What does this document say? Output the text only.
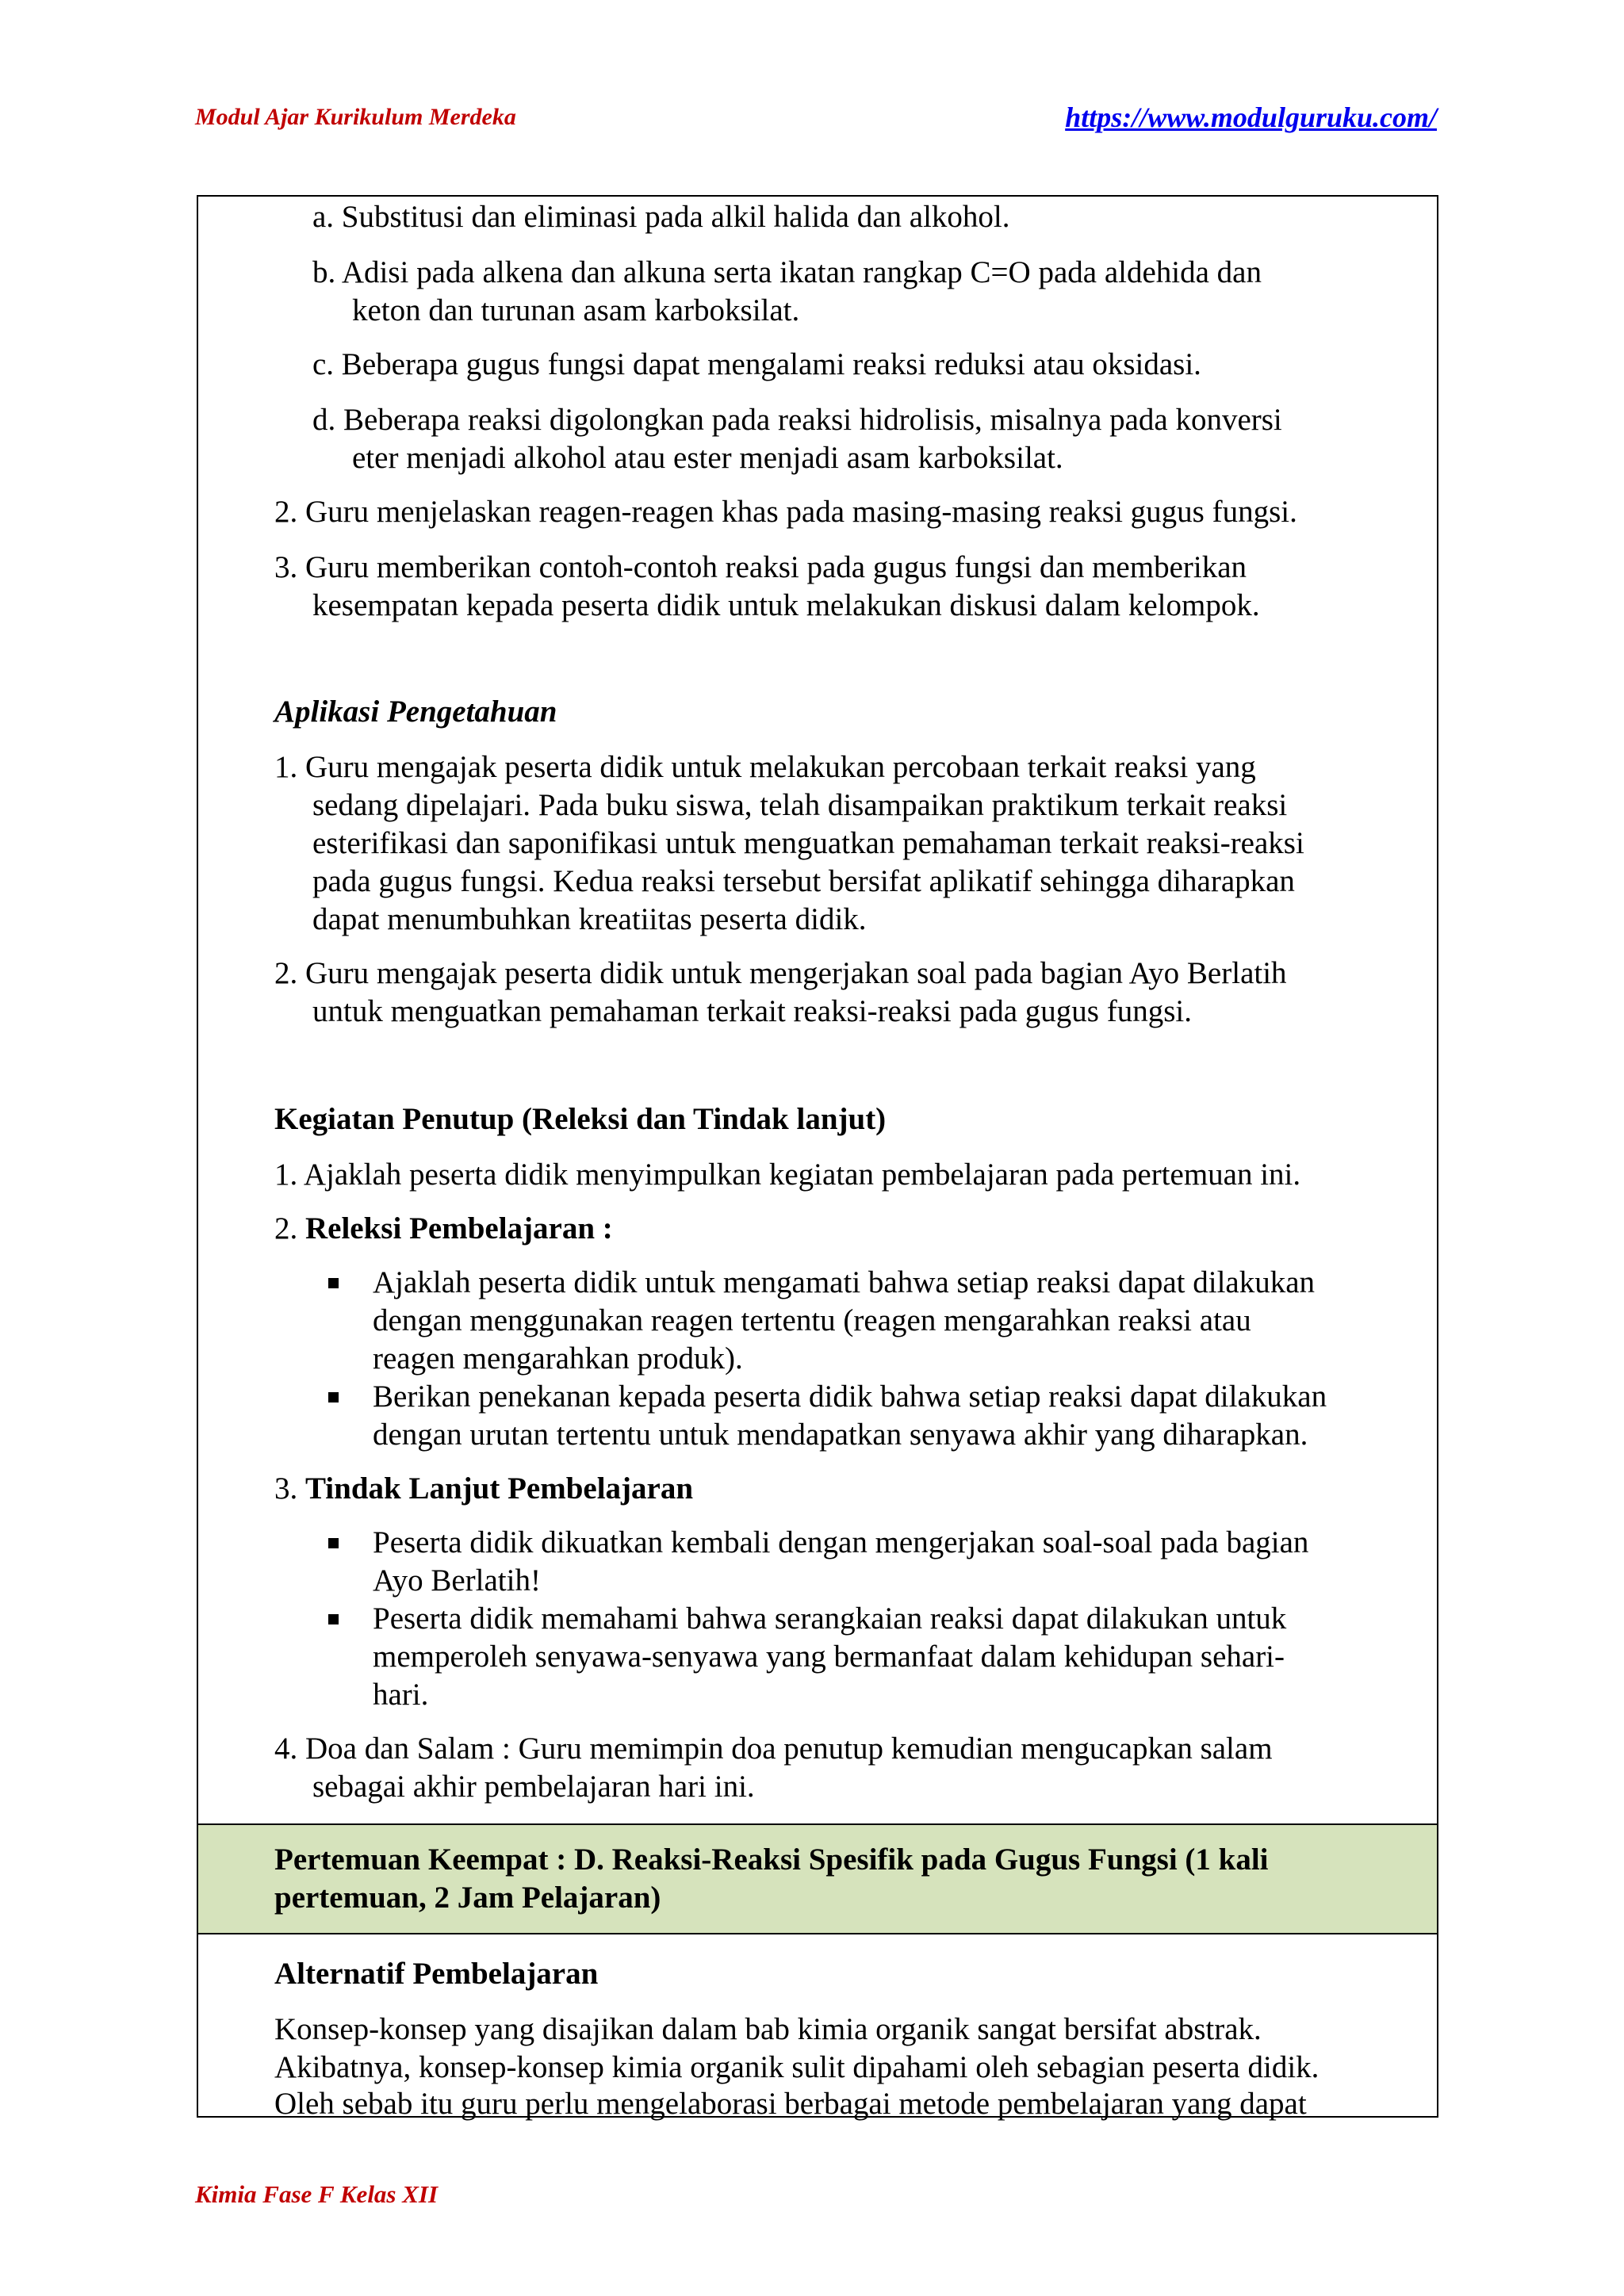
Modul Ajar Kurikulum Merdeka	https://www.modulguruku.com/
a. Substitusi dan eliminasi pada alkil halida dan alkohol.
b. Adisi pada alkena dan alkuna serta ikatan rangkap C=O pada aldehida dan
keton dan turunan asam karboksilat.
c. Beberapa gugus fungsi dapat mengalami reaksi reduksi atau oksidasi.
d. Beberapa reaksi digolongkan pada reaksi hidrolisis, misalnya pada konversi
eter menjadi alkohol atau ester menjadi asam karboksilat.
2. Guru menjelaskan reagen-reagen khas pada masing-masing reaksi gugus fungsi.
3. Guru memberikan contoh-contoh reaksi pada gugus fungsi dan memberikan
kesempatan kepada peserta didik untuk melakukan diskusi dalam kelompok.
Aplikasi Pengetahuan
1. Guru mengajak peserta didik untuk melakukan percobaan terkait reaksi yang
sedang dipelajari. Pada buku siswa, telah disampaikan praktikum terkait reaksi
esterifikasi dan saponifikasi untuk menguatkan pemahaman terkait reaksi-reaksi
pada gugus fungsi. Kedua reaksi tersebut bersifat aplikatif sehingga diharapkan
dapat menumbuhkan kreatiitas peserta didik.
2. Guru mengajak peserta didik untuk mengerjakan soal pada bagian Ayo Berlatih
untuk menguatkan pemahaman terkait reaksi-reaksi pada gugus fungsi.
Kegiatan Penutup (Releksi dan Tindak lanjut)
1. Ajaklah peserta didik menyimpulkan kegiatan pembelajaran pada pertemuan ini.
2. Releksi Pembelajaran :
Ajaklah peserta didik untuk mengamati bahwa setiap reaksi dapat dilakukan
dengan menggunakan reagen tertentu (reagen mengarahkan reaksi atau
reagen mengarahkan produk).
Berikan penekanan kepada peserta didik bahwa setiap reaksi dapat dilakukan
dengan urutan tertentu untuk mendapatkan senyawa akhir yang diharapkan.
3. Tindak Lanjut Pembelajaran
Peserta didik dikuatkan kembali dengan mengerjakan soal-soal pada bagian
Ayo Berlatih!
Peserta didik memahami bahwa serangkaian reaksi dapat dilakukan untuk
memperoleh senyawa-senyawa yang bermanfaat dalam kehidupan sehari-
hari.
4. Doa dan Salam : Guru memimpin doa penutup kemudian mengucapkan salam
sebagai akhir pembelajaran hari ini.
Pertemuan Keempat : D. Reaksi-Reaksi Spesifik pada Gugus Fungsi (1 kali
pertemuan, 2 Jam Pelajaran)
Alternatif Pembelajaran
Konsep-konsep yang disajikan dalam bab kimia organik sangat bersifat abstrak.
Akibatnya, konsep-konsep kimia organik sulit dipahami oleh sebagian peserta didik.
Oleh sebab itu guru perlu mengelaborasi berbagai metode pembelajaran yang dapat
Kimia Fase F Kelas XII
